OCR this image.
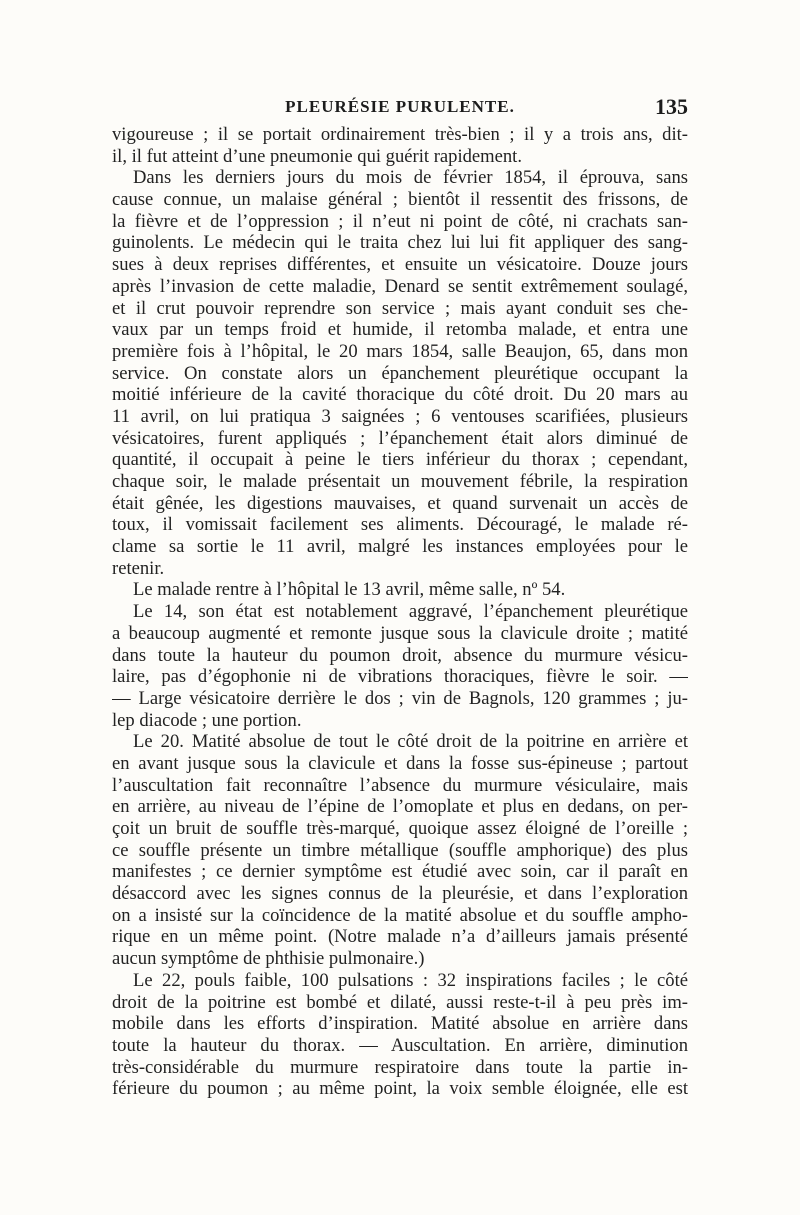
PLEURÉSIE PURULENTE.	135
vigoureuse ; il se portait ordinairement très-bien ; il y a trois ans, dit-
il, il fut atteint d’une pneumonie qui guérit rapidement.
Dans les derniers jours du mois de février 1854, il éprouva, sans
cause connue, un malaise général ; bientôt il ressentit des frissons, de
la fièvre et de l’oppression ; il n’eut ni point de côté, ni crachats san-
guinolents. Le médecin qui le traita chez lui lui fit appliquer des sang-
sues à deux reprises différentes, et ensuite un vésicatoire. Douze jours
après l’invasion de cette maladie, Denard se sentit extrêmement soulagé,
et il crut pouvoir reprendre son service ; mais ayant conduit ses che-
vaux par un temps froid et humide, il retomba malade, et entra une
première fois à l’hôpital, le 20 mars 1854, salle Beaujon, 65, dans mon
service. On constate alors un épanchement pleurétique occupant la
moitié inférieure de la cavité thoracique du côté droit. Du 20 mars au
11 avril, on lui pratiqua 3 saignées ; 6 ventouses scarifiées, plusieurs
vésicatoires, furent appliqués ; l’épanchement était alors diminué de
quantité, il occupait à peine le tiers inférieur du thorax ; cependant,
chaque soir, le malade présentait un mouvement fébrile, la respiration
était gênée, les digestions mauvaises, et quand survenait un accès de
toux, il vomissait facilement ses aliments. Découragé, le malade ré-
clame sa sortie le 11 avril, malgré les instances employées pour le
retenir.
Le malade rentre à l’hôpital le 13 avril, même salle, nº 54.
Le 14, son état est notablement aggravé, l’épanchement pleurétique
a beaucoup augmenté et remonte jusque sous la clavicule droite ; matité
dans toute la hauteur du poumon droit, absence du murmure vésicu-
laire, pas d’égophonie ni de vibrations thoraciques, fièvre le soir. —
— Large vésicatoire derrière le dos ; vin de Bagnols, 120 grammes ; ju-
lep diacode ; une portion.
Le 20. Matité absolue de tout le côté droit de la poitrine en arrière et
en avant jusque sous la clavicule et dans la fosse sus-épineuse ; partout
l’auscultation fait reconnaître l’absence du murmure vésiculaire, mais
en arrière, au niveau de l’épine de l’omoplate et plus en dedans, on per-
çoit un bruit de souffle très-marqué, quoique assez éloigné de l’oreille ;
ce souffle présente un timbre métallique (souffle amphorique) des plus
manifestes ; ce dernier symptôme est étudié avec soin, car il paraît en
désaccord avec les signes connus de la pleurésie, et dans l’exploration
on a insisté sur la coïncidence de la matité absolue et du souffle ampho-
rique en un même point. (Notre malade n’a d’ailleurs jamais présenté
aucun symptôme de phthisie pulmonaire.)
Le 22, pouls faible, 100 pulsations : 32 inspirations faciles ; le côté
droit de la poitrine est bombé et dilaté, aussi reste-t-il à peu près im-
mobile dans les efforts d’inspiration. Matité absolue en arrière dans
toute la hauteur du thorax. — Auscultation. En arrière, diminution
très-considérable du murmure respiratoire dans toute la partie in-
férieure du poumon ; au même point, la voix semble éloignée, elle est
